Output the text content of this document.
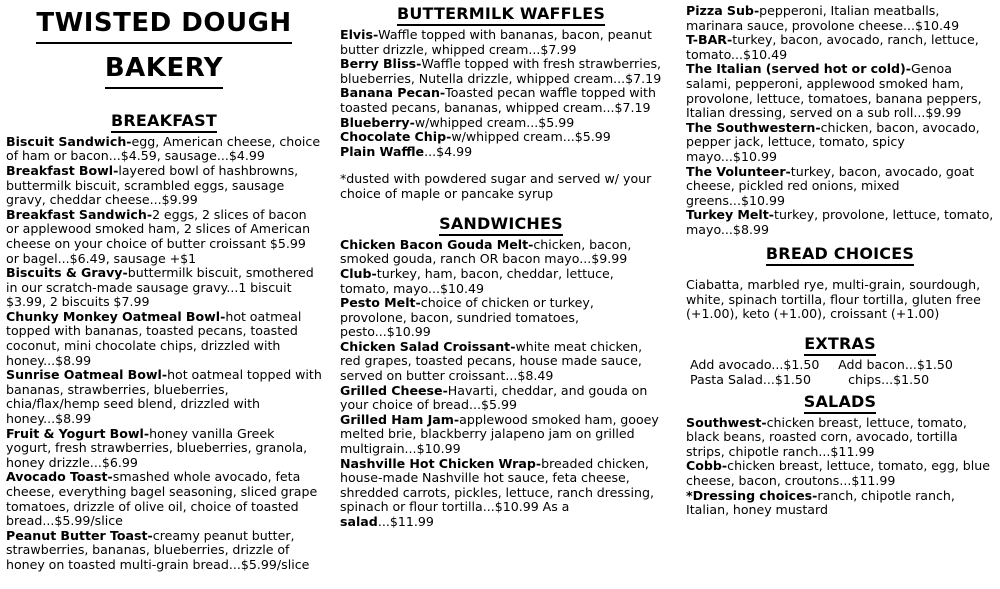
TWISTED DOUGH BAKERY
BREAKFAST

Biscuit Sandwich-egg, American cheese, choice of ham or bacon...$4.59, sausage...$4.99

Breakfast Bowl-layered bowl of hashbrowns, buttermilk biscuit, scrambled eggs, sausage gravy, cheddar cheese...$9.99

Breakfast Sandwich-2 eggs, 2 slices of bacon or applewood smoked ham, 2 slices of American cheese on your choice of butter croissant $5.99 or bagel...$6.49, sausage +$1

Biscuits & Gravy-buttermilk biscuit, smothered in our scratch-made sausage gravy...1 biscuit $3.99, 2 biscuits $7.99

Chunky Monkey Oatmeal Bowl-hot oatmeal topped with bananas, toasted pecans, toasted coconut, mini chocolate chips, drizzled with honey...$8.99

Sunrise Oatmeal Bowl-hot oatmeal topped with bananas, strawberries, blueberries, chia/flax/hemp seed blend, drizzled with honey...$8.99

Fruit & Yogurt Bowl-honey vanilla Greek yogurt, fresh strawberries, blueberries, granola, honey drizzle...$6.99

Avocado Toast-smashed whole avocado, feta cheese, everything bagel seasoning, sliced grape tomatoes, drizzle of olive oil, choice of toasted bread...$5.99/slice

Peanut Butter Toast-creamy peanut butter, strawberries, bananas, blueberries, drizzle of honey on toasted multi-grain bread...$5.99/slice

BUTTERMILK WAFFLES

Elvis-Waffle topped with bananas, bacon, peanut butter drizzle, whipped cream...$7.99

Berry Bliss-Waffle topped with fresh strawberries, blueberries, Nutella drizzle, whipped cream...$7.19

Banana Pecan-Toasted pecan waffle topped with toasted pecans, bananas, whipped cream...$7.19

Blueberry-w/whipped cream...$5.99

Chocolate Chip-w/whipped cream...$5.99

Plain Waffle...$4.99

*dusted with powdered sugar and served w/ your choice of maple or pancake syrup

SANDWICHES

Chicken Bacon Gouda Melt-chicken, bacon, smoked gouda, ranch OR bacon mayo...$9.99

Club-turkey, ham, bacon, cheddar, lettuce, tomato, mayo...$10.49

Pesto Melt-choice of chicken or turkey, provolone, bacon, sundried tomatoes, pesto...$10.99

Chicken Salad Croissant-white meat chicken, red grapes, toasted pecans, house made sauce, served on butter croissant...$8.49

Grilled Cheese-Havarti, cheddar, and gouda on your choice of bread...$5.99

Grilled Ham Jam-applewood smoked ham, gooey melted brie, blackberry jalapeno jam on grilled multigrain...$10.99

Nashville Hot Chicken Wrap-breaded chicken, house-made Nashville hot sauce, feta cheese, shredded carrots, pickles, lettuce, ranch dressing, spinach or flour tortilla...$10.99 As a salad...$11.99

Pizza Sub-pepperoni, Italian meatballs, marinara sauce, provolone cheese...$10.49

T-BAR-turkey, bacon, avocado, ranch, lettuce, tomato...$10.49

The Italian (served hot or cold)-Genoa salami, pepperoni, applewood smoked ham, provolone, lettuce, tomatoes, banana peppers, Italian dressing, served on a sub roll...$9.99

The Southwestern-chicken, bacon, avocado, pepper jack, lettuce, tomato, spicy mayo...$10.99

The Volunteer-turkey, bacon, avocado, goat cheese, pickled red onions, mixed greens...$10.99

Turkey Melt-turkey, provolone, lettuce, tomato, mayo...$8.99

BREAD CHOICES

Ciabatta, marbled rye, multi-grain, sourdough, white, spinach tortilla, flour tortilla, gluten free (+1.00), keto (+1.00), croissant (+1.00)

EXTRAS
Add avocado...$1.50
Pasta Salad...$1.50
Add bacon...$1.50
chips...$1.50
SALADS

Southwest-chicken breast, lettuce, tomato, black beans, roasted corn, avocado, tortilla strips, chipotle ranch...$11.99

Cobb-chicken breast, lettuce, tomato, egg, blue cheese, bacon, croutons...$11.99

*Dressing choices-ranch, chipotle ranch, Italian, honey mustard
